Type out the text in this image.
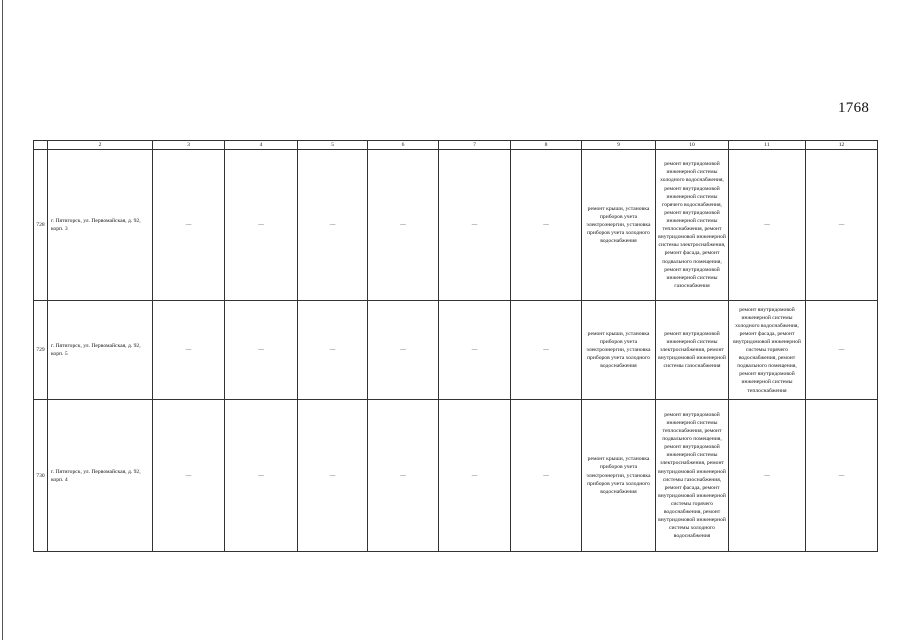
1768
	2	3	4	5	6	7	8	9	10	11	12
728	г. Пятигорск, ул. Первомайская, д. 92, корп. 3	—	—	—	—	—	—	ремонт крыши, установка приборов учета электроэнергии, установка приборов учета холодного водоснабжения	ремонт внутридомовой инженерной системы холодного водоснабжения, ремонт внутридомовой инженерной системы горячего водоснабжения, ремонт внутридомовой инженерной системы теплоснабжения, ремонт внутридомовой инженерной системы электроснабжения, ремонт фасада, ремонт подвального помещения, ремонт внутридомовой инженерной системы газоснабжения	—	—
729	г. Пятигорск, ул. Первомайская, д. 92, корп. 5	—	—	—	—	—	—	ремонт крыши, установка приборов учета электроэнергии, установка приборов учета холодного водоснабжения	ремонт внутридомовой инженерной системы электроснабжения, ремонт внутридомовой инженерной системы газоснабжения	ремонт внутридомовой инженерной системы холодного водоснабжения, ремонт фасада, ремонт внутридомовой инженерной системы горячего водоснабжения, ремонт подвального помещения, ремонт внутридомовой инженерной системы теплоснабжения	—
730	г. Пятигорск, ул. Первомайская, д. 92, корп. 4	—	—	—	—	—	—	ремонт крыши, установка приборов учета электроэнергии, установка приборов учета холодного водоснабжения	ремонт внутридомовой инженерной системы теплоснабжения, ремонт подвального помещения, ремонт внутридомовой инженерной системы электроснабжения, ремонт внутридомовой инженерной системы газоснабжения, ремонт фасада, ремонт внутридомовой инженерной системы горячего водоснабжения, ремонт внутридомовой инженерной системы холодного водоснабжения	—	—
